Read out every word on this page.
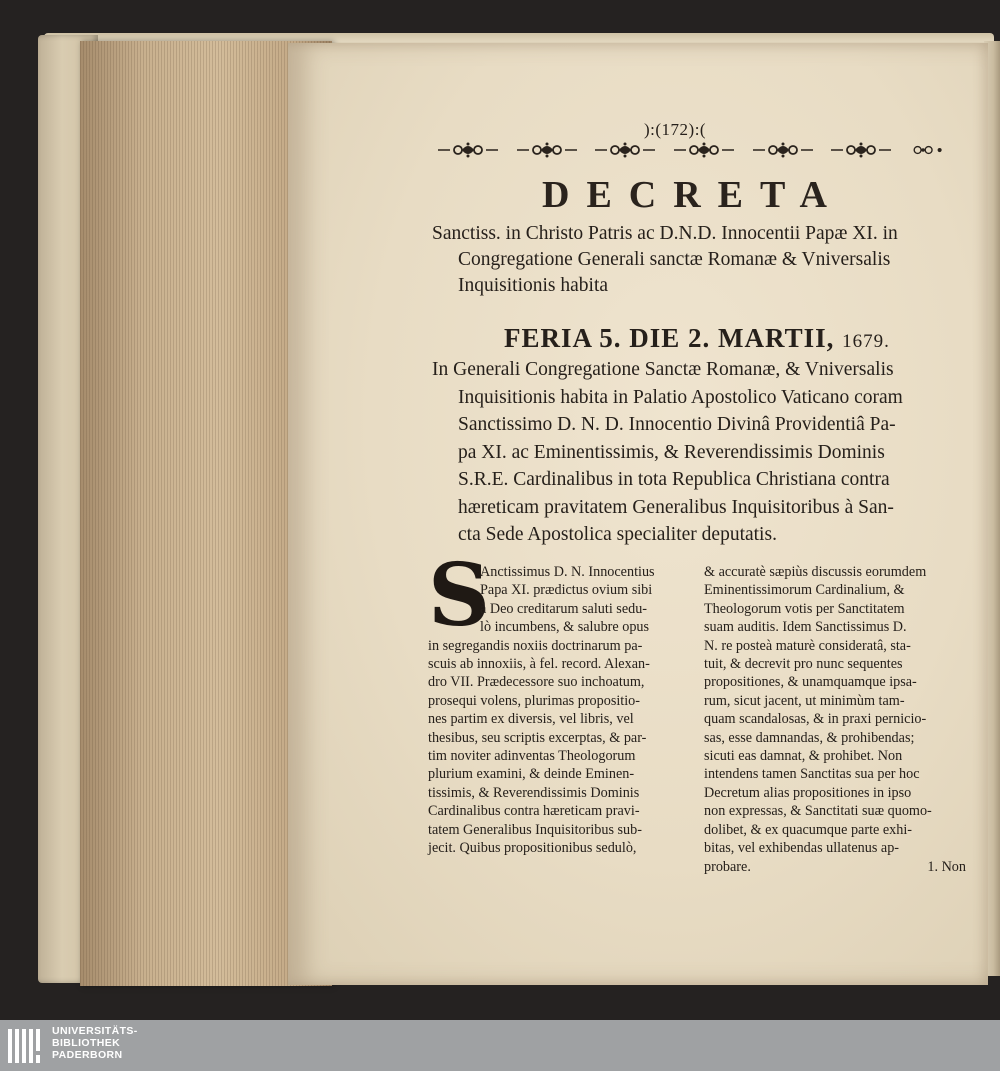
):(172):(
DECRETA
Sanctiss. in Christo Patris ac D.N.D. Innocentii Papæ XI. in
Congregatione Generali sanctæ Romanæ & Vniversalis
Inquisitionis habita
FERIA 5. DIE 2. MARTII, 1679.
In Generali Congregatione Sanctæ Romanæ, & Vniversalis
Inquisitionis habita in Palatio Apostolico Vaticano coram
Sanctissimo D. N. D. Innocentio Divinâ Providentiâ Pa-
pa XI. ac Eminentissimis, & Reverendissimis Dominis
S.R.E. Cardinalibus in tota Republica Christiana contra
hæreticam pravitatem Generalibus Inquisitoribus à San-
cta Sede Apostolica specialiter deputatis.
S
Anctissimus D. N. Innocentius
Papa XI. prædictus ovium sibi
à Deo creditarum saluti sedu-
lò incumbens, & salubre opus
in segregandis noxiis doctrinarum pa-
scuis ab innoxiis, à fel. record. Alexan-
dro VII. Prædecessore suo inchoatum,
prosequi volens, plurimas propositio-
nes partim ex diversis, vel libris, vel
thesibus, seu scriptis excerptas, & par-
tim noviter adinventas Theologorum
plurium examini, & deinde Eminen-
tissimis, & Reverendissimis Dominis
Cardinalibus contra hæreticam pravi-
tatem Generalibus Inquisitoribus sub-
jecit. Quibus propositionibus sedulò,
& accuratè sæpiùs discussis eorumdem
Eminentissimorum Cardinalium, &
Theologorum votis per Sanctitatem
suam auditis. Idem Sanctissimus D.
N. re posteà maturè consideratâ, sta-
tuit, & decrevit pro nunc sequentes
propositiones, & unamquamque ipsa-
rum, sicut jacent, ut minimùm tam-
quam scandalosas, & in praxi pernicio-
sas, esse damnandas, & prohibendas;
sicuti eas damnat, & prohibet. Non
intendens tamen Sanctitas sua per hoc
Decretum alias propositiones in ipso
non expressas, & Sanctitati suæ quomo-
dolibet, & ex quacumque parte exhi-
bitas, vel exhibendas ullatenus ap-
probare.	1. Non
UNIVERSITÄTS-
BIBLIOTHEK
PADERBORN
